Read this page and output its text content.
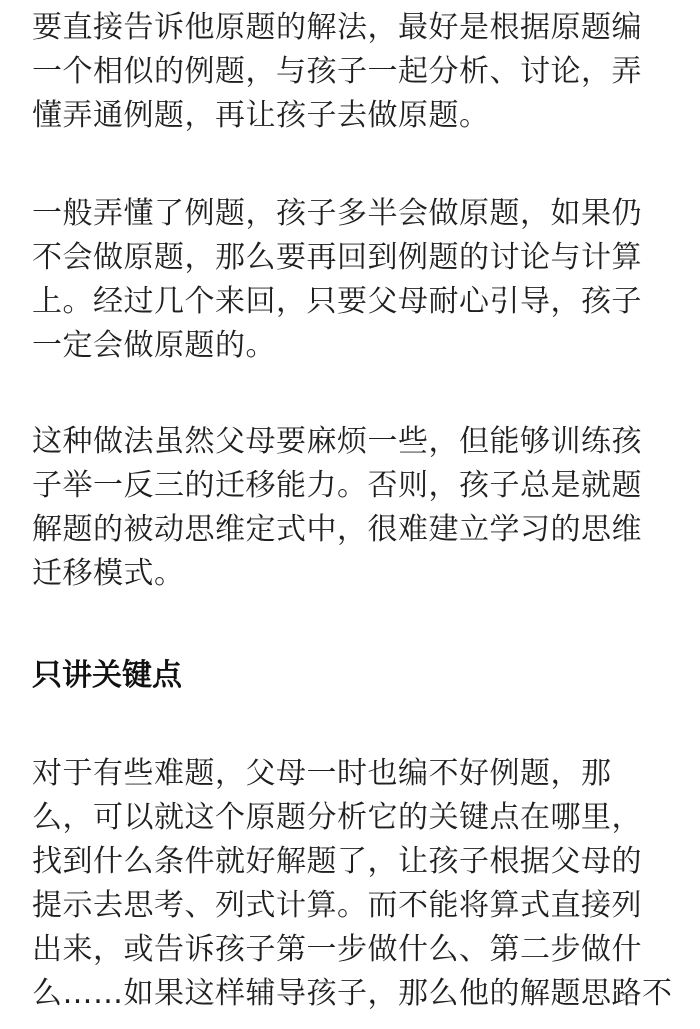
要直接告诉他原题的解法，最好是根据原题编
一个相似的例题，与孩子一起分析、讨论，弄
懂弄通例题，再让孩子去做原题。
一般弄懂了例题，孩子多半会做原题，如果仍
不会做原题，那么要再回到例题的讨论与计算
上。经过几个来回，只要父母耐心引导，孩子
一定会做原题的。
这种做法虽然父母要麻烦一些，但能够训练孩
子举一反三的迁移能力。否则，孩子总是就题
解题的被动思维定式中，很难建立学习的思维
迁移模式。
只讲关键点
对于有些难题，父母一时也编不好例题，那
么，可以就这个原题分析它的关键点在哪里，
找到什么条件就好解题了，让孩子根据父母的
提示去思考、列式计算。而不能将算式直接列
出来，或告诉孩子第一步做什么、第二步做什
么……如果这样辅导孩子，那么他的解题思路不
